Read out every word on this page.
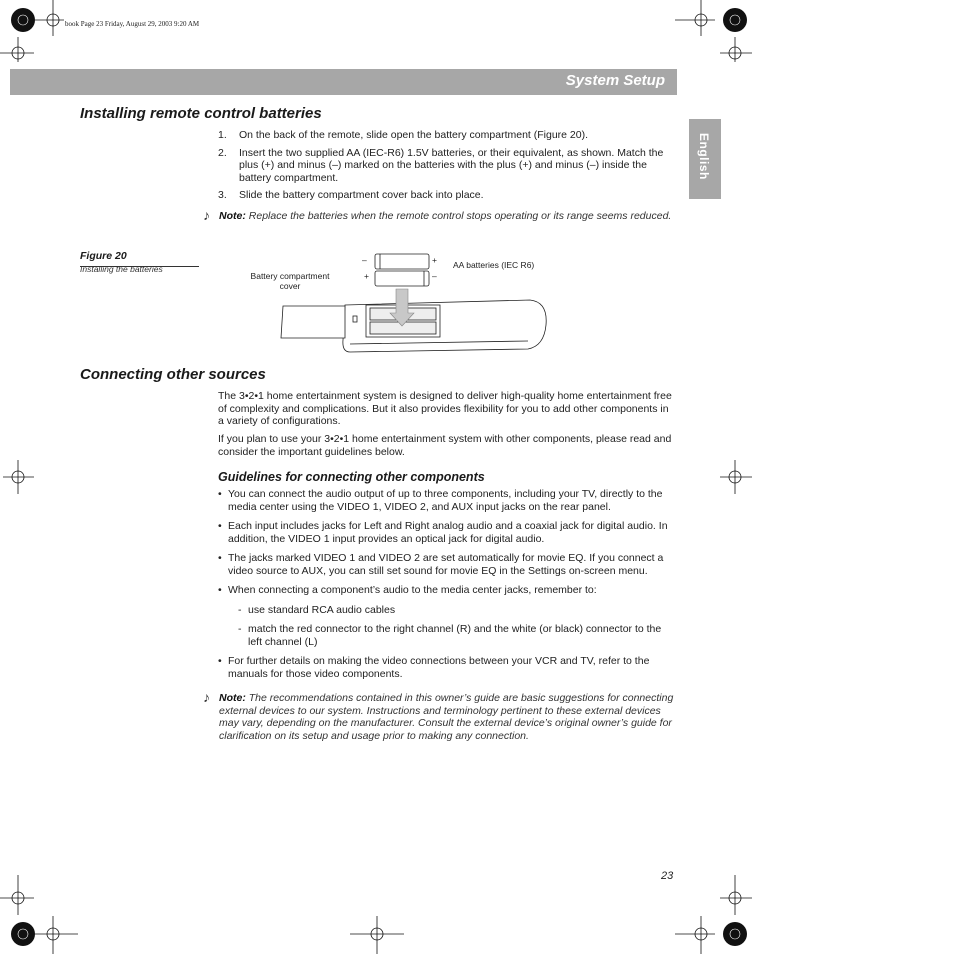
book Page 23 Friday, August 29, 2003 9:20 AM
System Setup
English
Installing remote control batteries
1. On the back of the remote, slide open the battery compartment (Figure 20).
2. Insert the two supplied AA (IEC-R6) 1.5V batteries, or their equivalent, as shown. Match the plus (+) and minus (–) marked on the batteries with the plus (+) and minus (–) inside the battery compartment.
3. Slide the battery compartment cover back into place.
♪ Note: Replace the batteries when the remote control stops operating or its range seems reduced.
Figure 20
Installing the batteries
Battery compartment cover
AA batteries (IEC R6)
–	+
+	–
Connecting other sources
The 3•2•1 home entertainment system is designed to deliver high-quality home entertainment free of complexity and complications. But it also provides flexibility for you to add other components in a variety of configurations.
If you plan to use your 3•2•1 home entertainment system with other components, please read and consider the important guidelines below.
Guidelines for connecting other components
• You can connect the audio output of up to three components, including your TV, directly to the media center using the VIDEO 1, VIDEO 2, and AUX input jacks on the rear panel.
• Each input includes jacks for Left and Right analog audio and a coaxial jack for digital audio. In addition, the VIDEO 1 input provides an optical jack for digital audio.
• The jacks marked VIDEO 1 and VIDEO 2 are set automatically for movie EQ. If you connect a video source to AUX, you can still set sound for movie EQ in the Settings on-screen menu.
• When connecting a component’s audio to the media center jacks, remember to:
- use standard RCA audio cables
- match the red connector to the right channel (R) and the white (or black) connector to the left channel (L)
• For further details on making the video connections between your VCR and TV, refer to the manuals for those video components.
♪ Note: The recommendations contained in this owner’s guide are basic suggestions for connecting external devices to our system. Instructions and terminology pertinent to these external devices may vary, depending on the manufacturer. Consult the external device’s original owner’s guide for clarification on its setup and usage prior to making any connection.
23
